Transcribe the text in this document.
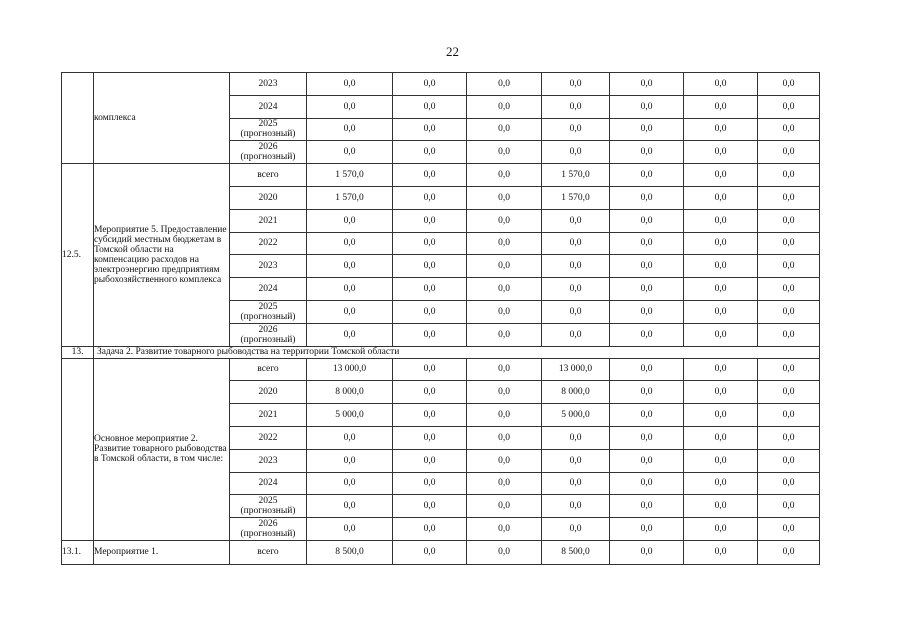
22
	комплекса	2023	0,0	0,0	0,0	0,0	0,0	0,0	0,0
		2024	0,0	0,0	0,0	0,0	0,0	0,0	0,0
		2025 (прогнозный)	0,0	0,0	0,0	0,0	0,0	0,0	0,0
		2026 (прогнозный)	0,0	0,0	0,0	0,0	0,0	0,0	0,0
12.5.	Мероприятие 5. Предоставление субсидий местным бюджетам в Томской области на компенсацию расходов на электроэнергию предприятиям рыбохозяйственного комплекса	всего	1 570,0	0,0	0,0	1 570,0	0,0	0,0	0,0
		2020	1 570,0	0,0	0,0	1 570,0	0,0	0,0	0,0
		2021	0,0	0,0	0,0	0,0	0,0	0,0	0,0
		2022	0,0	0,0	0,0	0,0	0,0	0,0	0,0
		2023	0,0	0,0	0,0	0,0	0,0	0,0	0,0
		2024	0,0	0,0	0,0	0,0	0,0	0,0	0,0
		2025 (прогнозный)	0,0	0,0	0,0	0,0	0,0	0,0	0,0
		2026 (прогнозный)	0,0	0,0	0,0	0,0	0,0	0,0	0,0
13.	Задача 2. Развитие товарного рыбоводства на территории Томской области								
	Основное мероприятие 2. Развитие товарного рыбоводства в Томской области, в том числе:	всего	13 000,0	0,0	0,0	13 000,0	0,0	0,0	0,0
		2020	8 000,0	0,0	0,0	8 000,0	0,0	0,0	0,0
		2021	5 000,0	0,0	0,0	5 000,0	0,0	0,0	0,0
		2022	0,0	0,0	0,0	0,0	0,0	0,0	0,0
		2023	0,0	0,0	0,0	0,0	0,0	0,0	0,0
		2024	0,0	0,0	0,0	0,0	0,0	0,0	0,0
		2025 (прогнозный)	0,0	0,0	0,0	0,0	0,0	0,0	0,0
		2026 (прогнозный)	0,0	0,0	0,0	0,0	0,0	0,0	0,0
13.1.	Мероприятие 1.	всего	8 500,0	0,0	0,0	8 500,0	0,0	0,0	0,0
